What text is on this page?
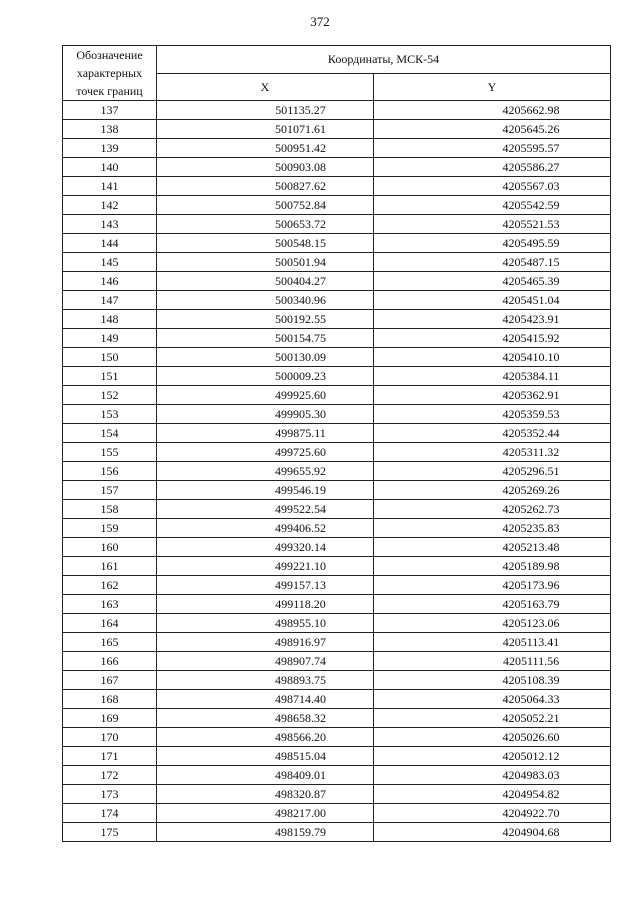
372
Обозначение характерных точек границ	Координаты, МСК-54	
	X	Y
137	501135.27	4205662.98
138	501071.61	4205645.26
139	500951.42	4205595.57
140	500903.08	4205586.27
141	500827.62	4205567.03
142	500752.84	4205542.59
143	500653.72	4205521.53
144	500548.15	4205495.59
145	500501.94	4205487.15
146	500404.27	4205465.39
147	500340.96	4205451.04
148	500192.55	4205423.91
149	500154.75	4205415.92
150	500130.09	4205410.10
151	500009.23	4205384.11
152	499925.60	4205362.91
153	499905.30	4205359.53
154	499875.11	4205352.44
155	499725.60	4205311.32
156	499655.92	4205296.51
157	499546.19	4205269.26
158	499522.54	4205262.73
159	499406.52	4205235.83
160	499320.14	4205213.48
161	499221.10	4205189.98
162	499157.13	4205173.96
163	499118.20	4205163.79
164	498955.10	4205123.06
165	498916.97	4205113.41
166	498907.74	4205111.56
167	498893.75	4205108.39
168	498714.40	4205064.33
169	498658.32	4205052.21
170	498566.20	4205026.60
171	498515.04	4205012.12
172	498409.01	4204983.03
173	498320.87	4204954.82
174	498217.00	4204922.70
175	498159.79	4204904.68
